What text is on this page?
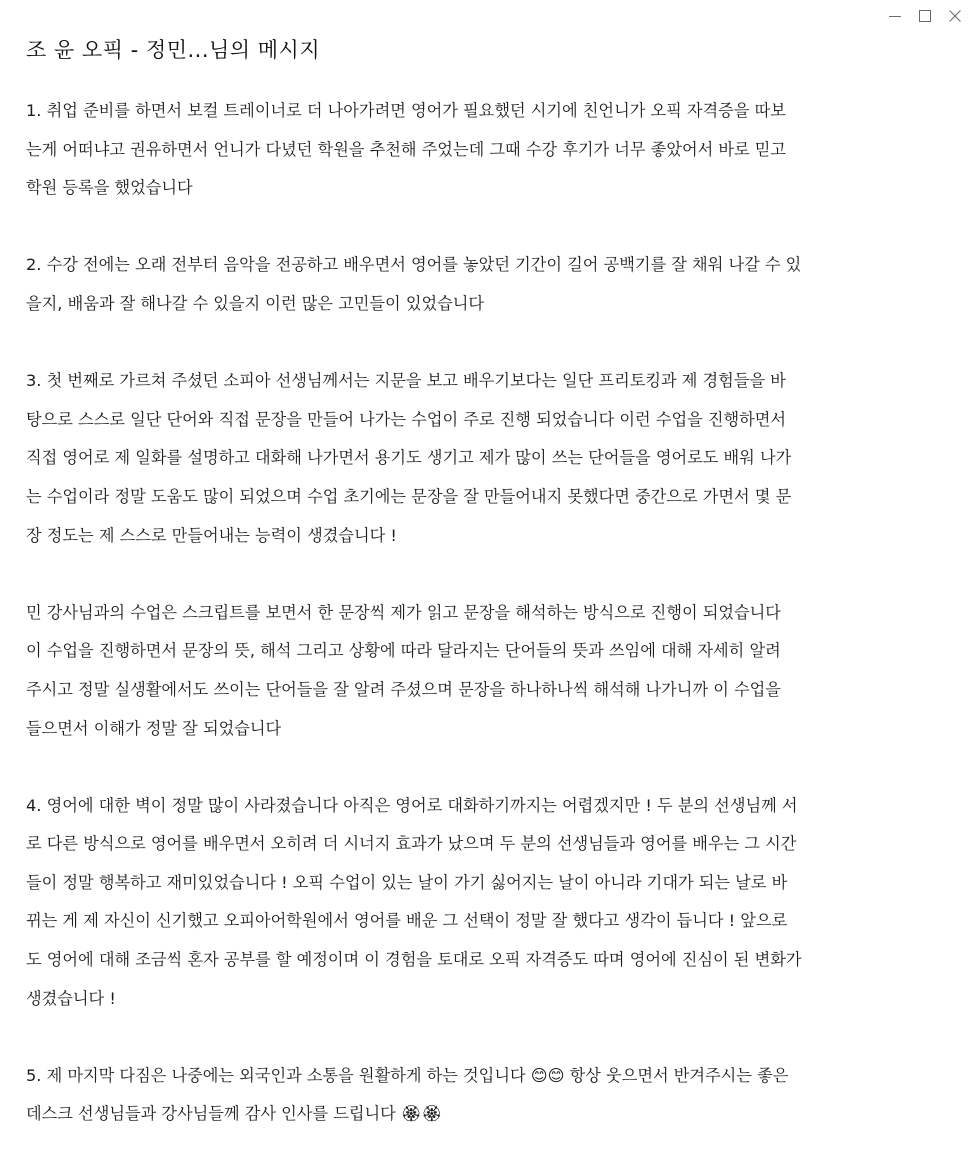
조 윤 오픽 - 정민...님의 메시지
1. 취업 준비를 하면서 보컬 트레이너로 더 나아가려면 영어가 필요했던 시기에 친언니가 오픽 자격증을 따보
는게 어떠냐고 권유하면서 언니가 다녔던 학원을 추천해 주었는데 그때 수강 후기가 너무 좋았어서 바로 믿고
학원 등록을 했었습니다
2. 수강 전에는 오래 전부터 음악을 전공하고 배우면서 영어를 놓았던 기간이 길어 공백기를 잘 채워 나갈 수 있
을지, 배움과 잘 해나갈 수 있을지 이런 많은 고민들이 있었습니다
3. 첫 번째로 가르쳐 주셨던 소피아 선생님께서는 지문을 보고 배우기보다는 일단 프리토킹과 제 경험들을 바
탕으로 스스로 일단 단어와 직접 문장을 만들어 나가는 수업이 주로 진행 되었습니다 이런 수업을 진행하면서
직접 영어로 제 일화를 설명하고 대화해 나가면서 용기도 생기고 제가 많이 쓰는 단어들을 영어로도 배워 나가
는 수업이라 정말 도움도 많이 되었으며 수업 초기에는 문장을 잘 만들어내지 못했다면 중간으로 가면서 몇 문
장 정도는 제 스스로 만들어내는 능력이 생겼습니다 !
민 강사님과의 수업은 스크립트를 보면서 한 문장씩 제가 읽고 문장을 해석하는 방식으로 진행이 되었습니다
이 수업을 진행하면서 문장의 뜻, 해석 그리고 상황에 따라 달라지는 단어들의 뜻과 쓰임에 대해 자세히 알려
주시고 정말 실생활에서도 쓰이는 단어들을 잘 알려 주셨으며 문장을 하나하나씩 해석해 나가니까 이 수업을
들으면서 이해가 정말 잘 되었습니다
4. 영어에 대한 벽이 정말 많이 사라졌습니다 아직은 영어로 대화하기까지는 어렵겠지만 ! 두 분의 선생님께 서
로 다른 방식으로 영어를 배우면서 오히려 더 시너지 효과가 났으며 두 분의 선생님들과 영어를 배우는 그 시간
들이 정말 행복하고 재미있었습니다 ! 오픽 수업이 있는 날이 가기 싫어지는 날이 아니라 기대가 되는 날로 바
뀌는 게 제 자신이 신기했고 오피아어학원에서 영어를 배운 그 선택이 정말 잘 했다고 생각이 듭니다 ! 앞으로
도 영어에 대해 조금씩 혼자 공부를 할 예정이며 이 경험을 토대로 오픽 자격증도 따며 영어에 진심이 된 변화가
생겼습니다 !
5. 제 마지막 다짐은 나중에는 외국인과 소통을 원활하게 하는 것입니다 😊😊 항상 웃으면서 반겨주시는 좋은
데스크 선생님들과 강사님들께 감사 인사를 드립니다 🏵🏵
